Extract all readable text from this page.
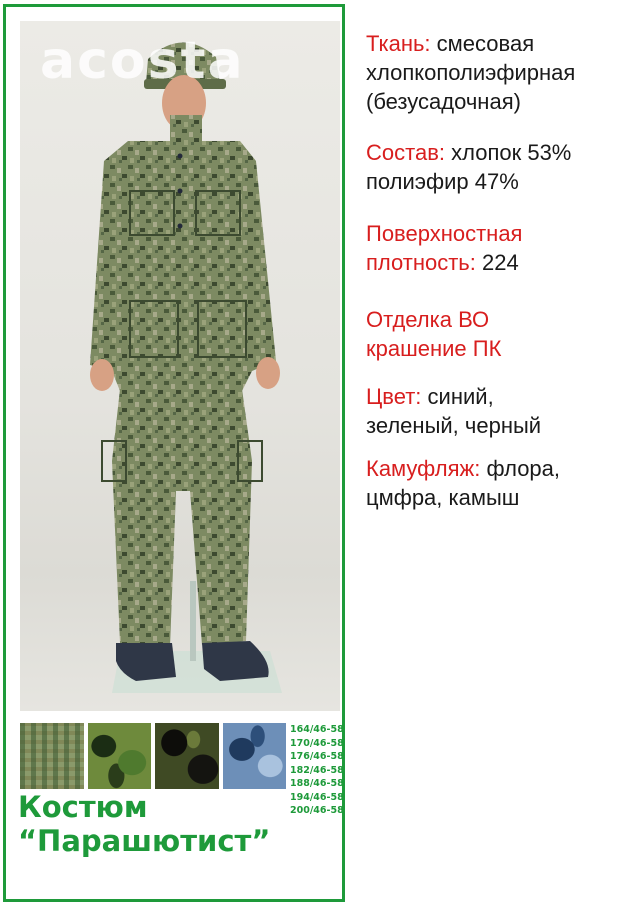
acosta
164/46-58
170/46-58
176/46-58
182/46-58
188/46-58
194/46-58
200/46-58
Костюм
“Парашютист”
Ткань: смесовая
хлопкополиэфирная
(безусадочная)
Состав: хлопок 53%
полиэфир 47%
Поверхностная
плотность: 224
Отделка ВО
крашение ПК
Цвет: синий,
зеленый, черный
Камуфляж: флора,
цмфра, камыш
